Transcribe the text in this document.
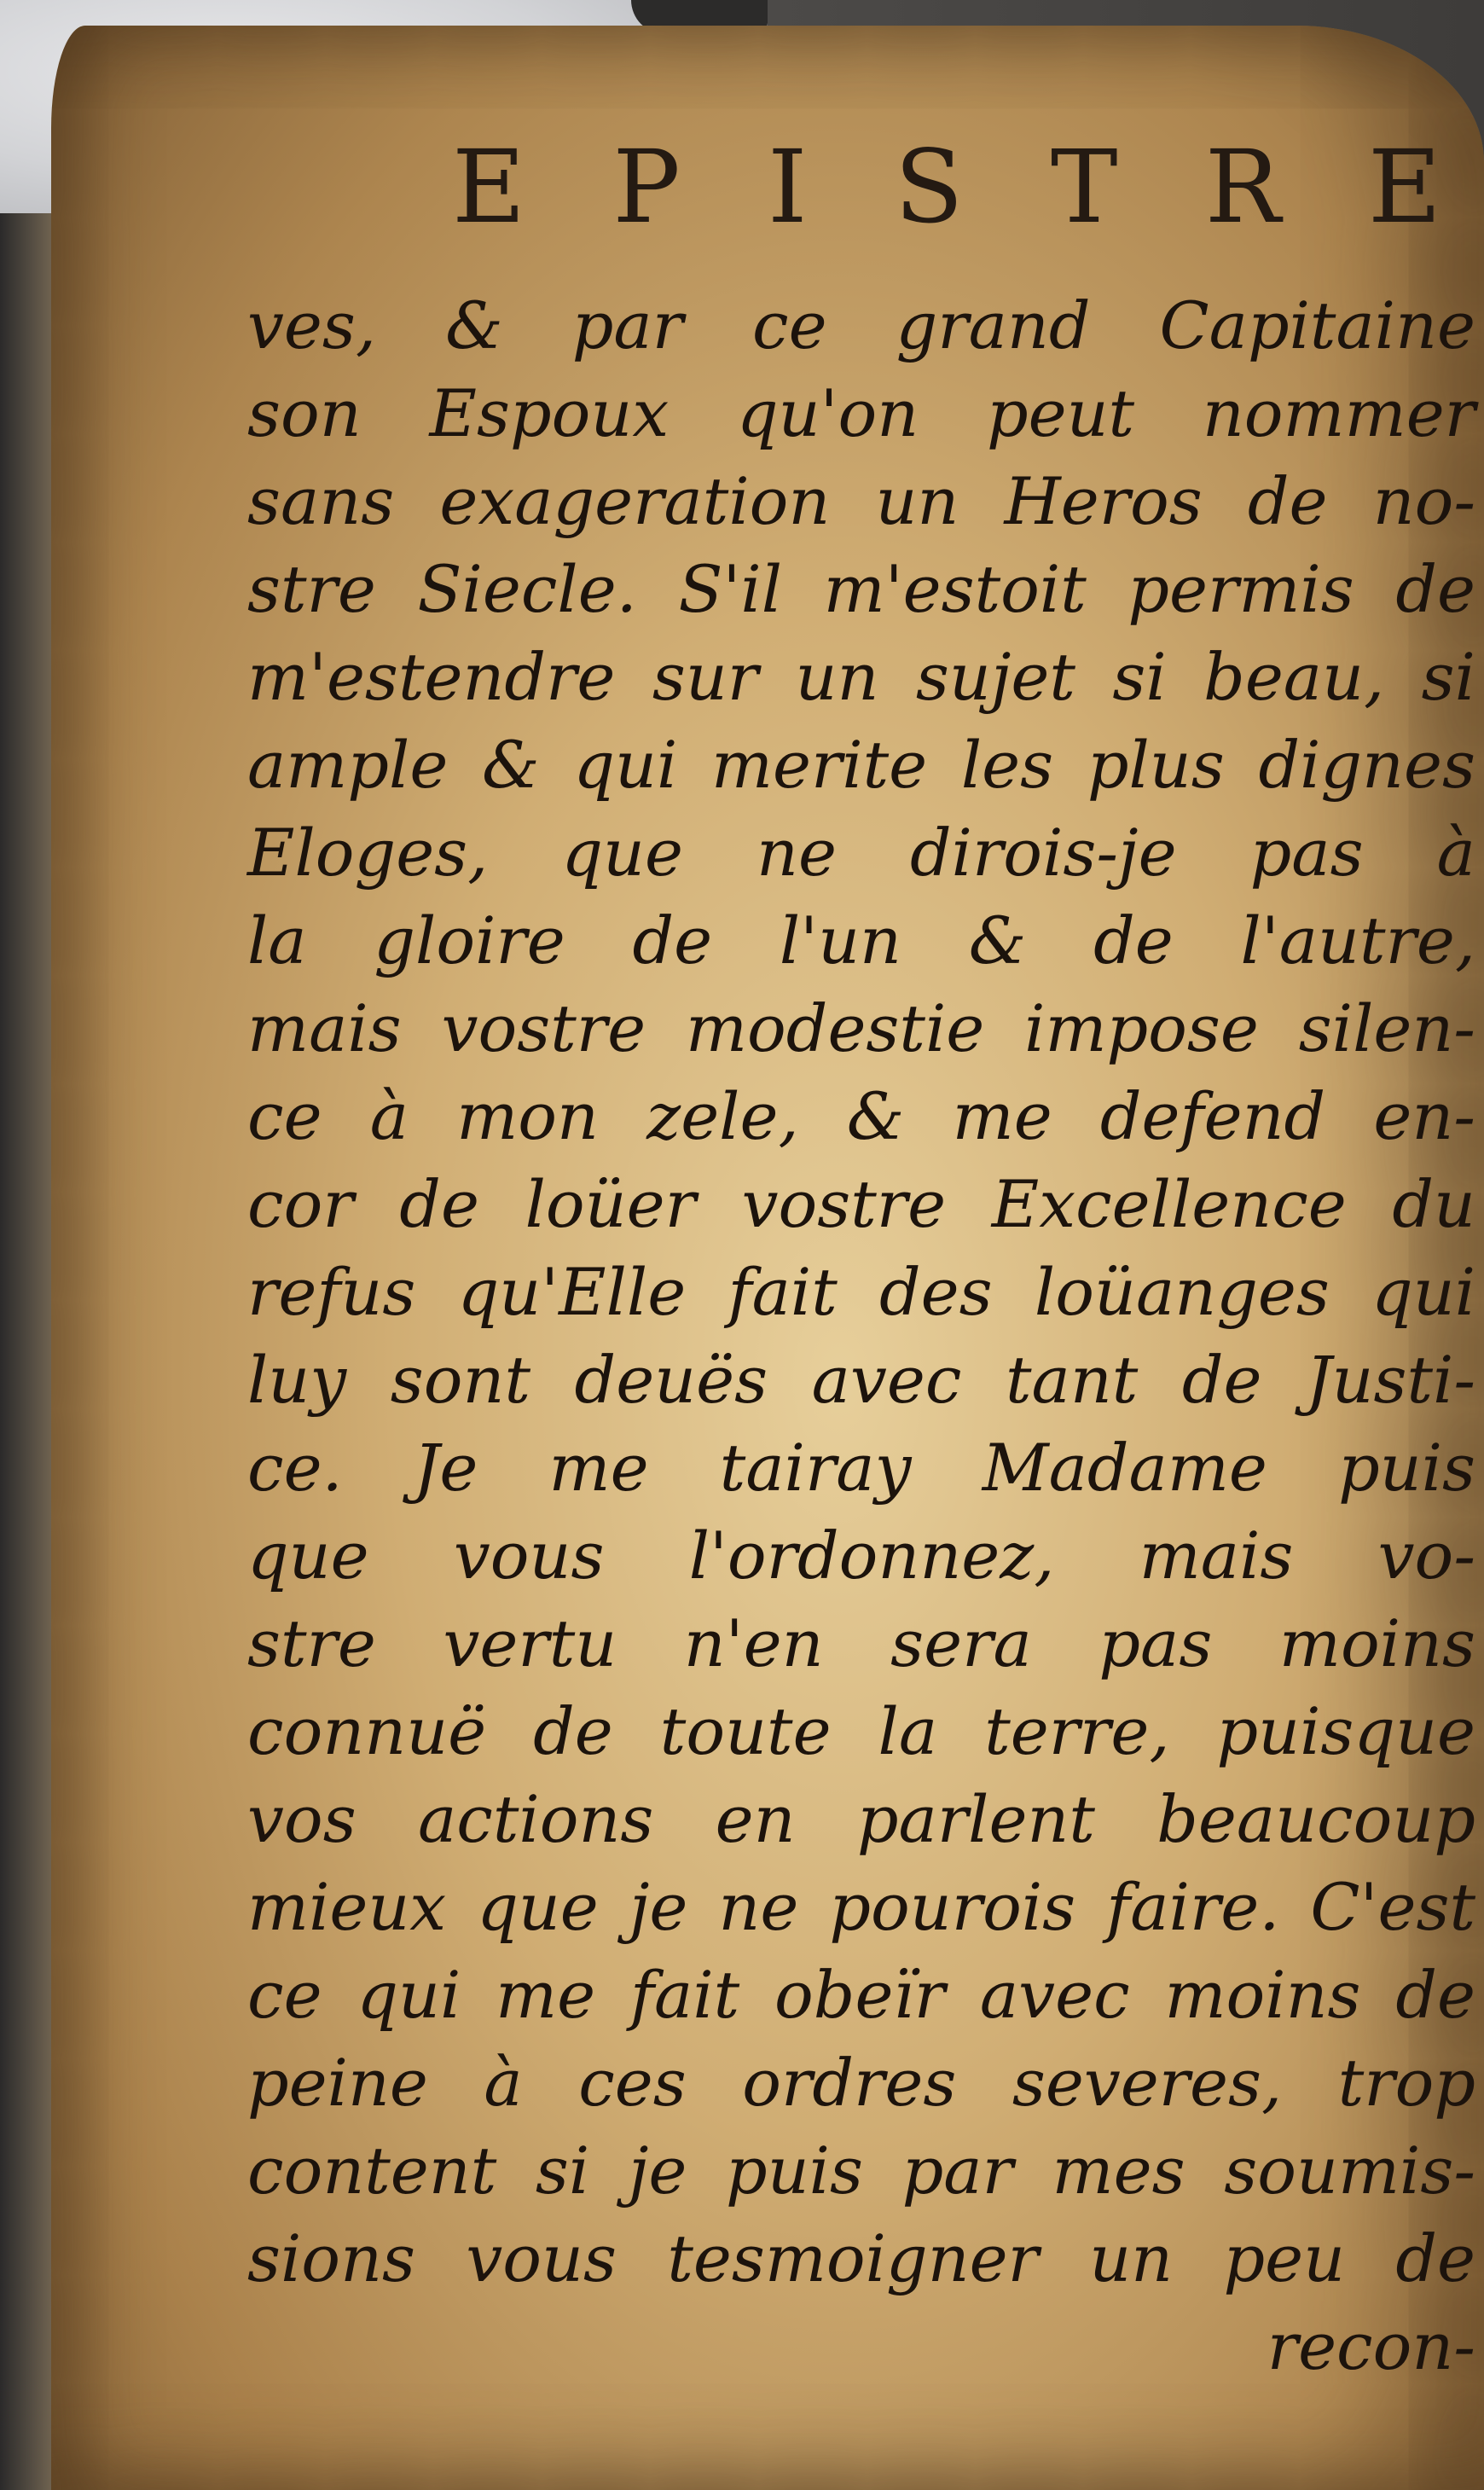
E P I S T R E
ves, & par ce grand Capitaine
son Espoux qu'on peut nommer
sans exageration un Heros de no-
stre Siecle. S'il m'estoit permis de
m'estendre sur un sujet si beau, si
ample & qui merite les plus dignes
Eloges, que ne dirois-je pas à
la gloire de l'un & de l'autre,
mais vostre modestie impose silen-
ce à mon zele, & me defend en-
cor de loüer vostre Excellence du
refus qu'Elle fait des loüanges qui
luy sont deuës avec tant de Justi-
ce. Je me tairay Madame puis
que vous l'ordonnez, mais vo-
stre vertu n'en sera pas moins
connuë de toute la terre, puisque
vos actions en parlent beaucoup
mieux que je ne pourois faire. C'est
ce qui me fait obeïr avec moins de
peine à ces ordres severes, trop
content si je puis par mes soumis-
sions vous tesmoigner un peu de
recon-
